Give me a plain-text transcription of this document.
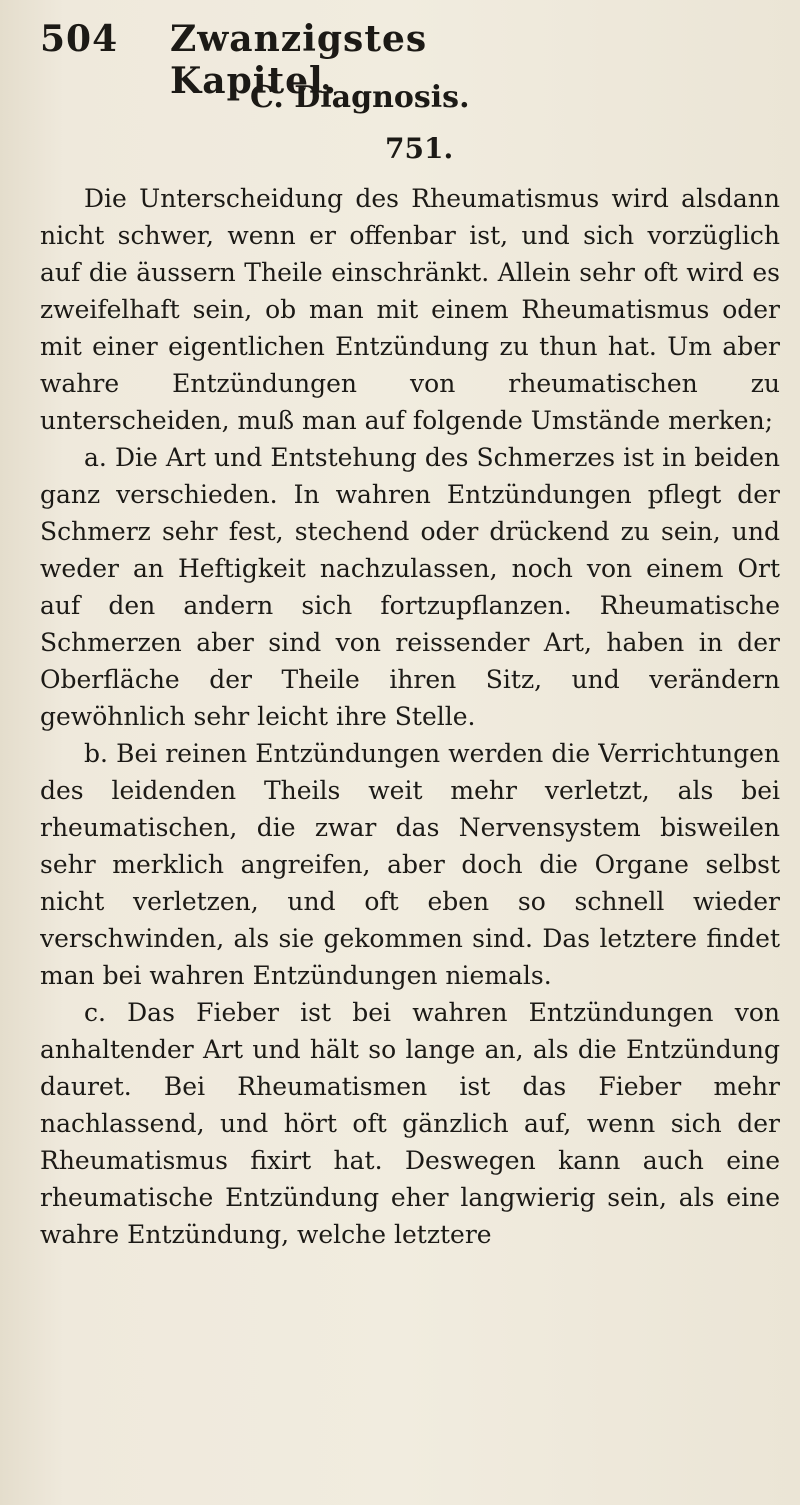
504 Zwanzigstes Kapitel.
C. Diagnosis.
751.

Die Unterscheidung des Rheumatismus wird alsdann nicht schwer, wenn er offenbar ist, und sich vorzüglich auf die äussern Theile einschränkt. Allein sehr oft wird es zweifelhaft sein, ob man mit einem Rheumatismus oder mit einer eigentlichen Entzündung zu thun hat. Um aber wahre Entzündungen von rheumatischen zu unterscheiden, muß man auf folgende Umstände merken;

a. Die Art und Entstehung des Schmerzes ist in beiden ganz verschieden. In wahren Entzündungen pflegt der Schmerz sehr fest, stechend oder drückend zu sein, und weder an Heftigkeit nachzulassen, noch von einem Ort auf den andern sich fortzupflanzen. Rheumatische Schmerzen aber sind von reissender Art, haben in der Oberfläche der Theile ihren Sitz, und verändern gewöhnlich sehr leicht ihre Stelle.

b. Bei reinen Entzündungen werden die Verrichtungen des leidenden Theils weit mehr verletzt, als bei rheumatischen, die zwar das Nervensystem bisweilen sehr merklich angreifen, aber doch die Organe selbst nicht verletzen, und oft eben so schnell wieder verschwinden, als sie gekommen sind. Das letztere findet man bei wahren Entzündungen niemals.

c. Das Fieber ist bei wahren Entzündungen von anhaltender Art und hält so lange an, als die Entzündung dauret. Bei Rheumatismen ist das Fieber mehr nachlassend, und hört oft gänzlich auf, wenn sich der Rheumatismus fixirt hat. Deswegen kann auch eine rheumatische Entzündung eher langwierig sein, als eine wahre Entzündung, welche letztere
